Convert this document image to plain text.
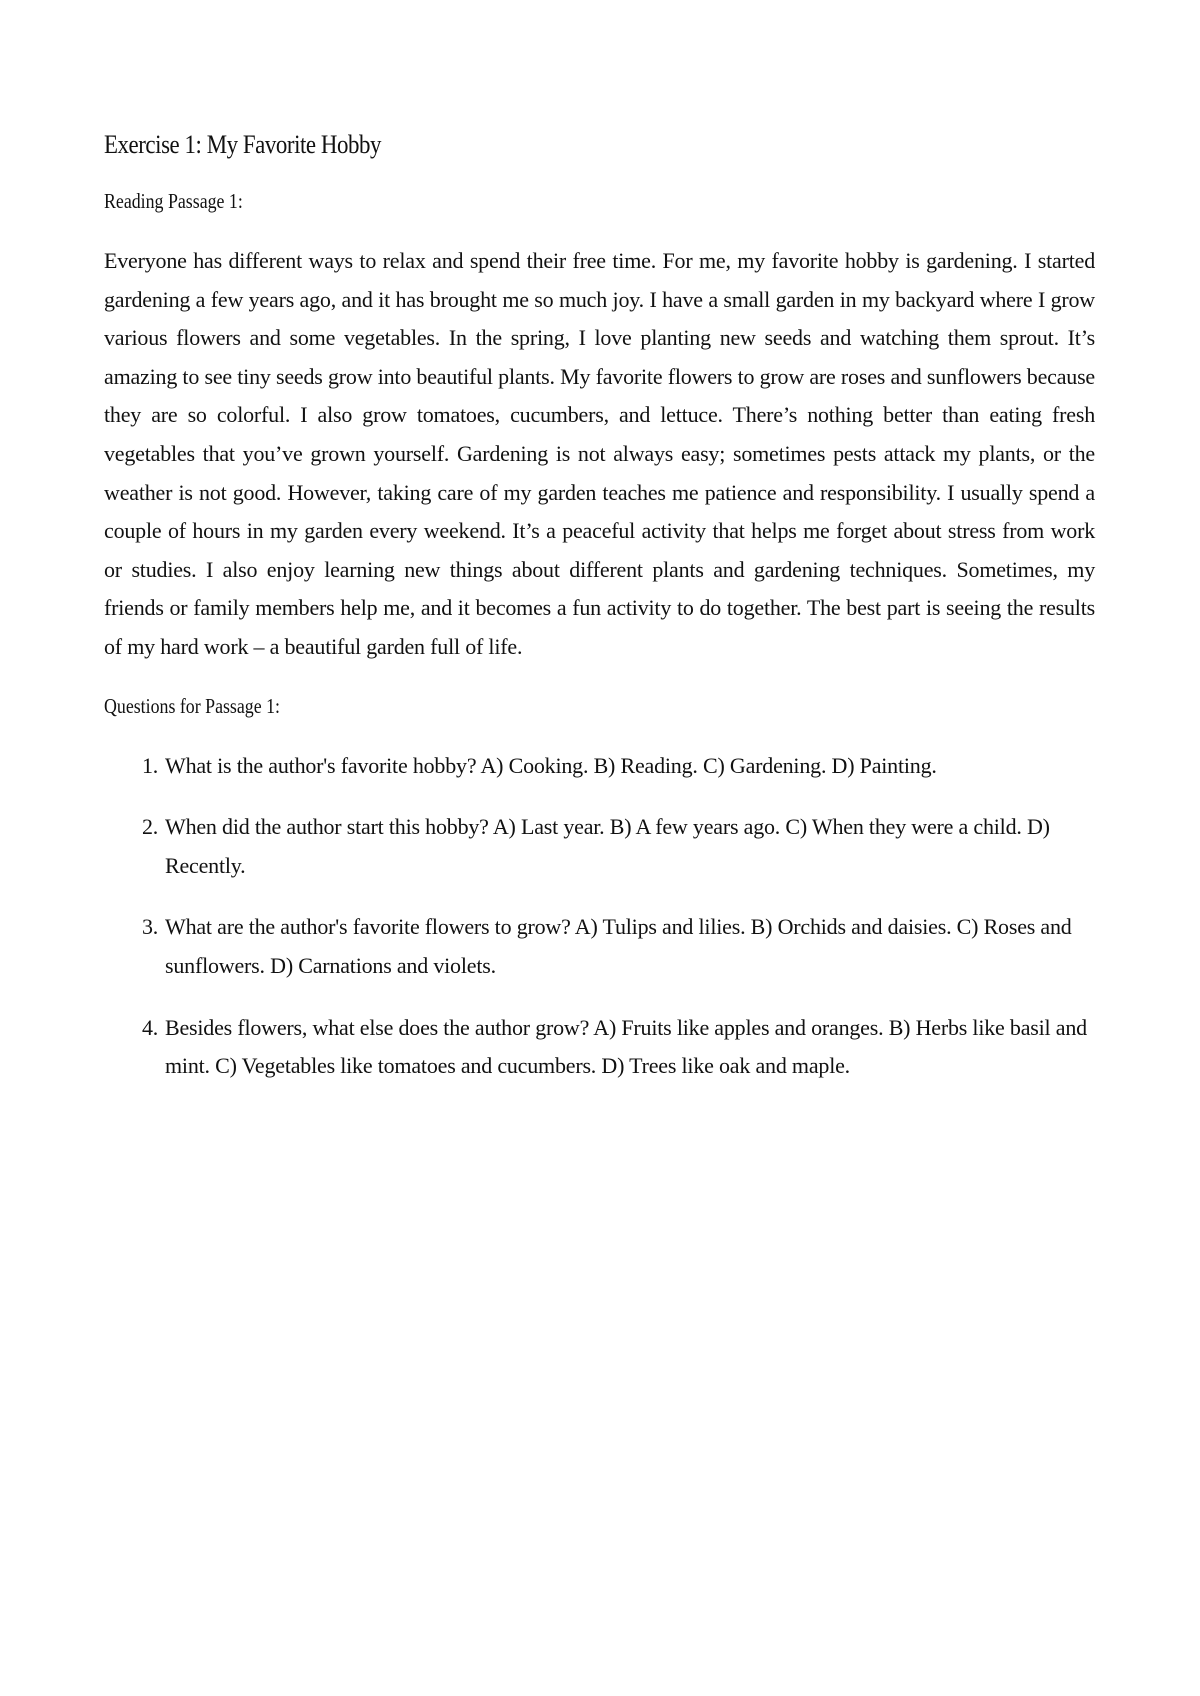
Exercise 1: My Favorite Hobby
Reading Passage 1:

Everyone has different ways to relax and spend their free time. For me, my favorite hobby is gardening. I started gardening a few years ago, and it has brought me so much joy. I have a small garden in my backyard where I grow various flowers and some vegetables. In the spring, I love planting new seeds and watching them sprout. It’s amazing to see tiny seeds grow into beautiful plants. My favorite flowers to grow are roses and sunflowers because they are so colorful. I also grow tomatoes, cucumbers, and lettuce. There’s nothing better than eating fresh vegetables that you’ve grown yourself. Gardening is not always easy; sometimes pests attack my plants, or the weather is not good. However, taking care of my garden teaches me patience and responsibility. I usually spend a couple of hours in my garden every weekend. It’s a peaceful activity that helps me forget about stress from work or studies. I also enjoy learning new things about different plants and gardening techniques. Sometimes, my friends or family members help me, and it becomes a fun activity to do together. The best part is seeing the results of my hard work – a beautiful garden full of life.

Questions for Passage 1:
1. What is the author's favorite hobby? A) Cooking. B) Reading. C) Gardening. D) Painting.
2. When did the author start this hobby? A) Last year. B) A few years ago. C) When they were a child. D) Recently.
3. What are the author's favorite flowers to grow? A) Tulips and lilies. B) Orchids and daisies. C) Roses and sunflowers. D) Carnations and violets.
4. Besides flowers, what else does the author grow? A) Fruits like apples and oranges. B) Herbs like basil and mint. C) Vegetables like tomatoes and cucumbers. D) Trees like oak and maple.
